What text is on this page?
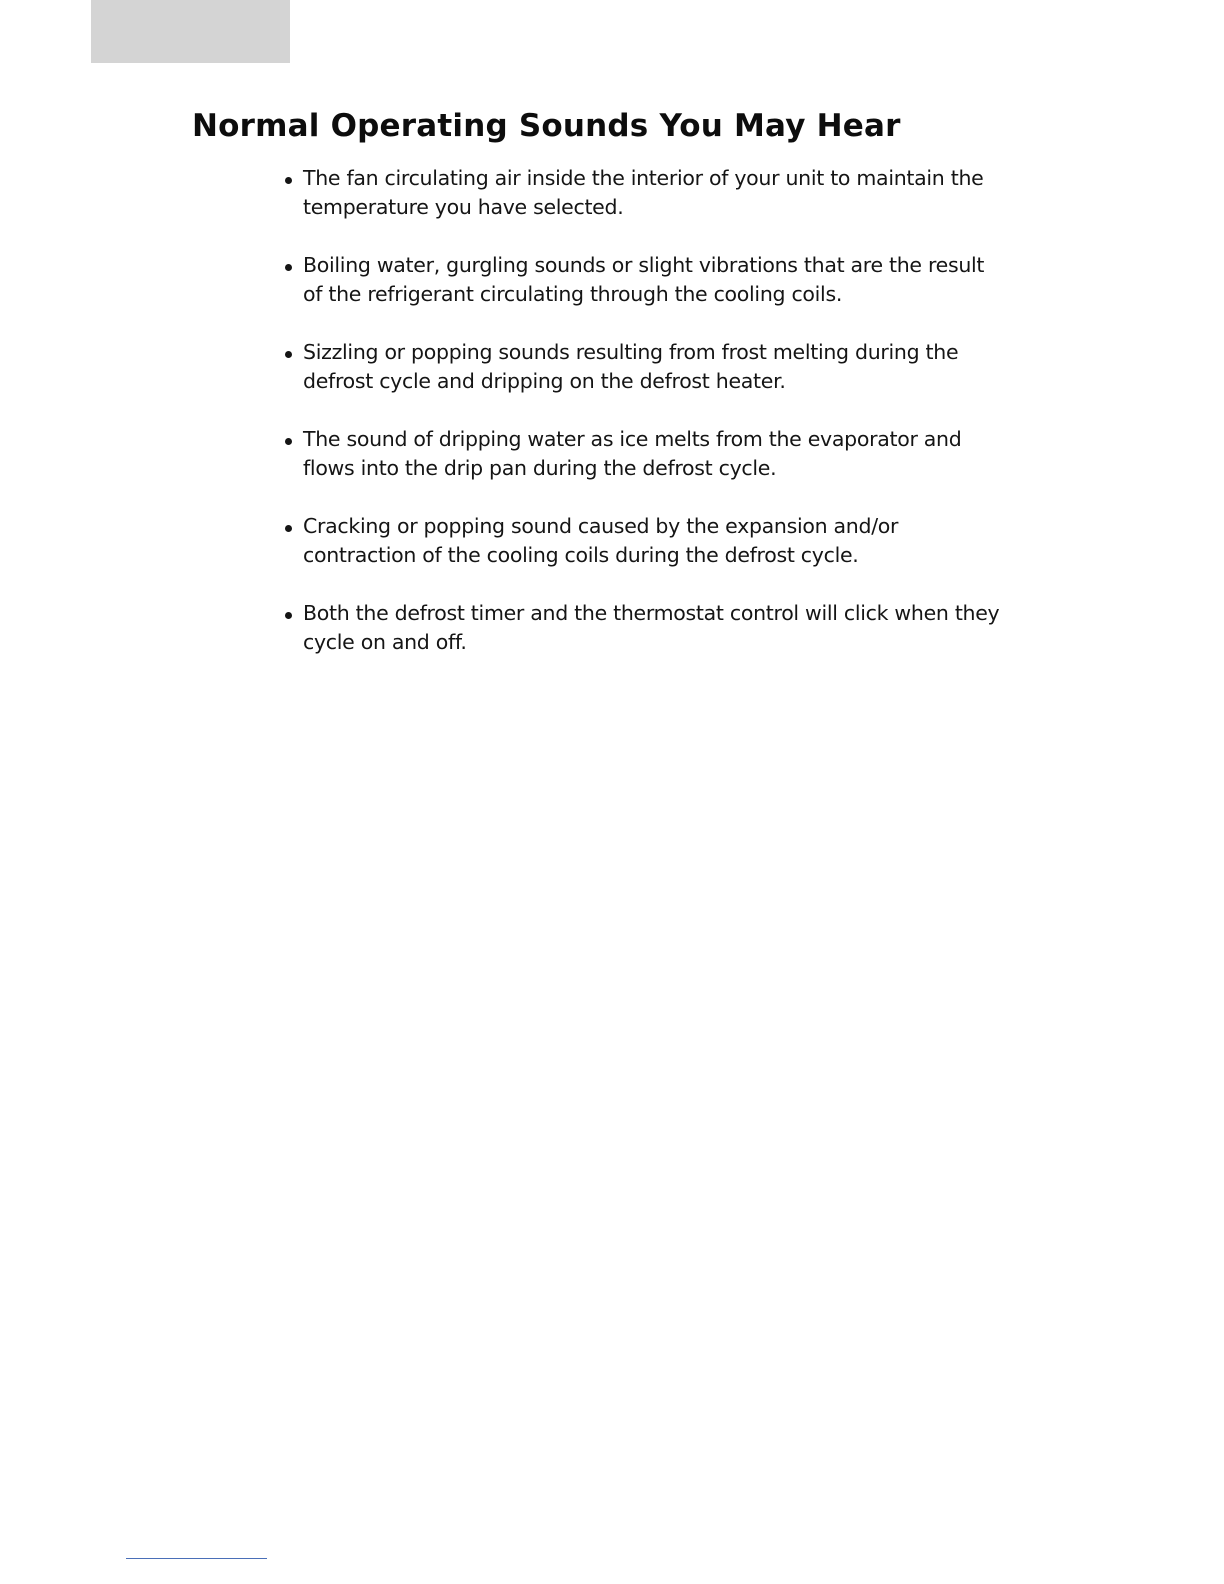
Normal Operating Sounds You May Hear
The fan circulating air inside the interior of your unit to maintain the temperature you have selected.
Boiling water, gurgling sounds or slight vibrations that are the result of the refrigerant circulating through the cooling coils.
Sizzling or popping sounds resulting from frost melting during the defrost cycle and dripping on the defrost heater.
The sound of dripping water as ice melts from the evaporator and flows into the drip pan during the defrost cycle.
Cracking or popping sound caused by the expansion and/or contraction of the cooling coils during the defrost cycle.
Both the defrost timer and the thermostat control will click when they cycle on and off.
